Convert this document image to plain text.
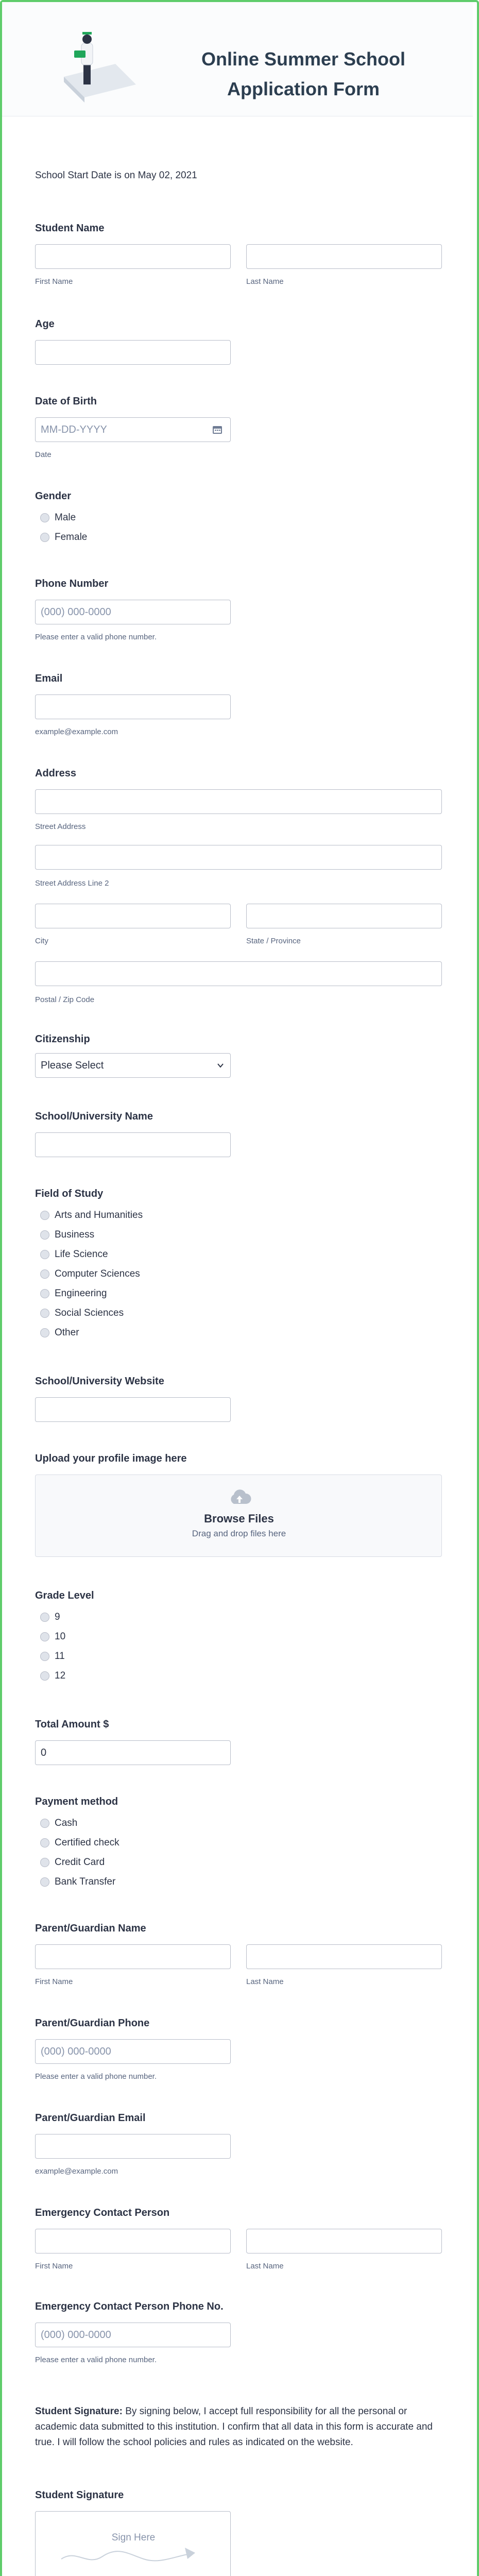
Online Summer School Application Form
School Start Date is on May 02, 2021
Student Name
First Name	Last Name
Age
Date of Birth
MM-DD-YYYY
Date
Gender
Male
Female
Phone Number
(000) 000-0000
Please enter a valid phone number.
Email
example@example.com
Address
Street Address
Street Address Line 2
City	State / Province
Postal / Zip Code
Citizenship
Please Select
School/University Name
Field of Study
Arts and Humanities
Business
Life Science
Computer Sciences
Engineering
Social Sciences
Other
School/University Website
Upload your profile image here
Browse Files
Drag and drop files here
Grade Level
9
10
11
12
Total Amount $
0
Payment method
Cash
Certified check
Credit Card
Bank Transfer
Parent/Guardian Name
First Name	Last Name
Parent/Guardian Phone
(000) 000-0000
Please enter a valid phone number.
Parent/Guardian Email
example@example.com
Emergency Contact Person
First Name	Last Name
Emergency Contact Person Phone No.
(000) 000-0000
Please enter a valid phone number.
Student Signature: By signing below, I accept full responsibility for all the personal or academic data submitted to this institution. I confirm that all data in this form is accurate and true. I will follow the school policies and rules as indicated on the website.
Student Signature
Sign Here
